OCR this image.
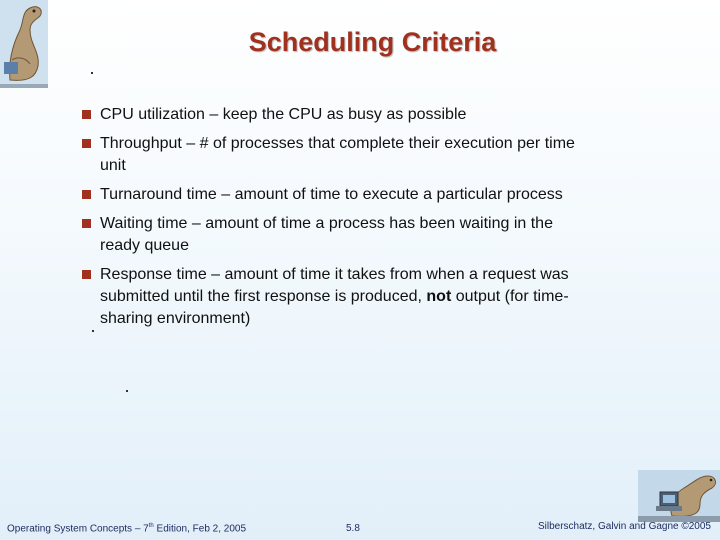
Scheduling Criteria
CPU utilization – keep the CPU as busy as possible
Throughput – # of processes that complete their execution per time unit
Turnaround time – amount of time to execute a particular process
Waiting time – amount of time a process has been waiting in the ready queue
Response time – amount of time it takes from when a request was submitted until the first response is produced, not output (for time-sharing environment)
Operating System Concepts – 7th Edition, Feb 2, 2005	5.8	Silberschatz, Galvin and Gagne ©2005
